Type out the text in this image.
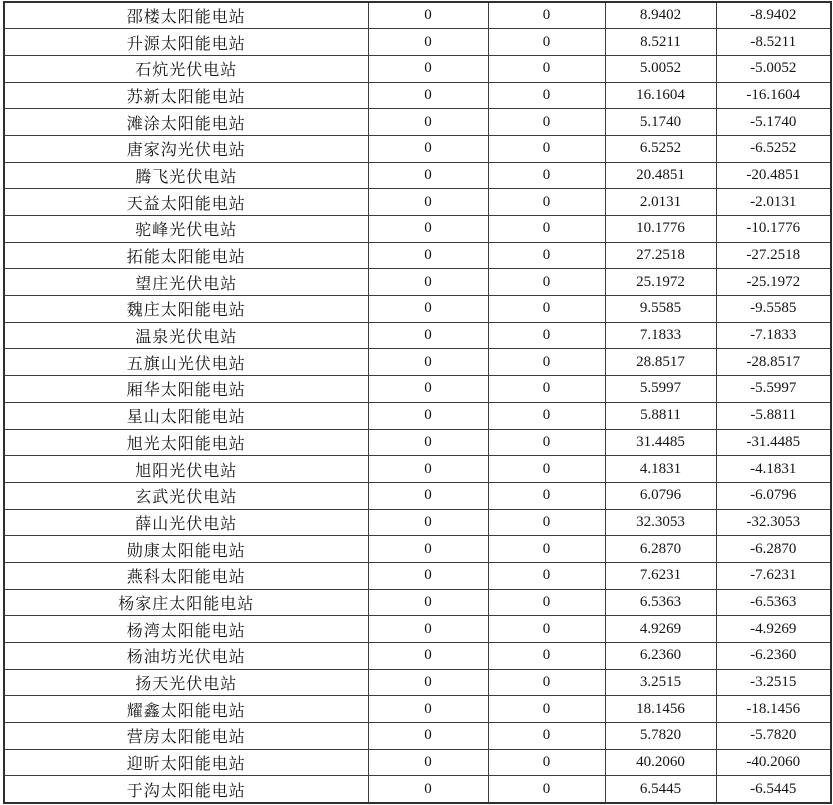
邵楼太阳能电站	0	0	8.9402	-8.9402
升源太阳能电站	0	0	8.5211	-8.5211
石炕光伏电站	0	0	5.0052	-5.0052
苏新太阳能电站	0	0	16.1604	-16.1604
滩涂太阳能电站	0	0	5.1740	-5.1740
唐家沟光伏电站	0	0	6.5252	-6.5252
腾飞光伏电站	0	0	20.4851	-20.4851
天益太阳能电站	0	0	2.0131	-2.0131
驼峰光伏电站	0	0	10.1776	-10.1776
拓能太阳能电站	0	0	27.2518	-27.2518
望庄光伏电站	0	0	25.1972	-25.1972
魏庄太阳能电站	0	0	9.5585	-9.5585
温泉光伏电站	0	0	7.1833	-7.1833
五旗山光伏电站	0	0	28.8517	-28.8517
厢华太阳能电站	0	0	5.5997	-5.5997
星山太阳能电站	0	0	5.8811	-5.8811
旭光太阳能电站	0	0	31.4485	-31.4485
旭阳光伏电站	0	0	4.1831	-4.1831
玄武光伏电站	0	0	6.0796	-6.0796
薛山光伏电站	0	0	32.3053	-32.3053
勋康太阳能电站	0	0	6.2870	-6.2870
燕科太阳能电站	0	0	7.6231	-7.6231
杨家庄太阳能电站	0	0	6.5363	-6.5363
杨湾太阳能电站	0	0	4.9269	-4.9269
杨油坊光伏电站	0	0	6.2360	-6.2360
扬天光伏电站	0	0	3.2515	-3.2515
耀鑫太阳能电站	0	0	18.1456	-18.1456
营房太阳能电站	0	0	5.7820	-5.7820
迎昕太阳能电站	0	0	40.2060	-40.2060
于沟太阳能电站	0	0	6.5445	-6.5445
